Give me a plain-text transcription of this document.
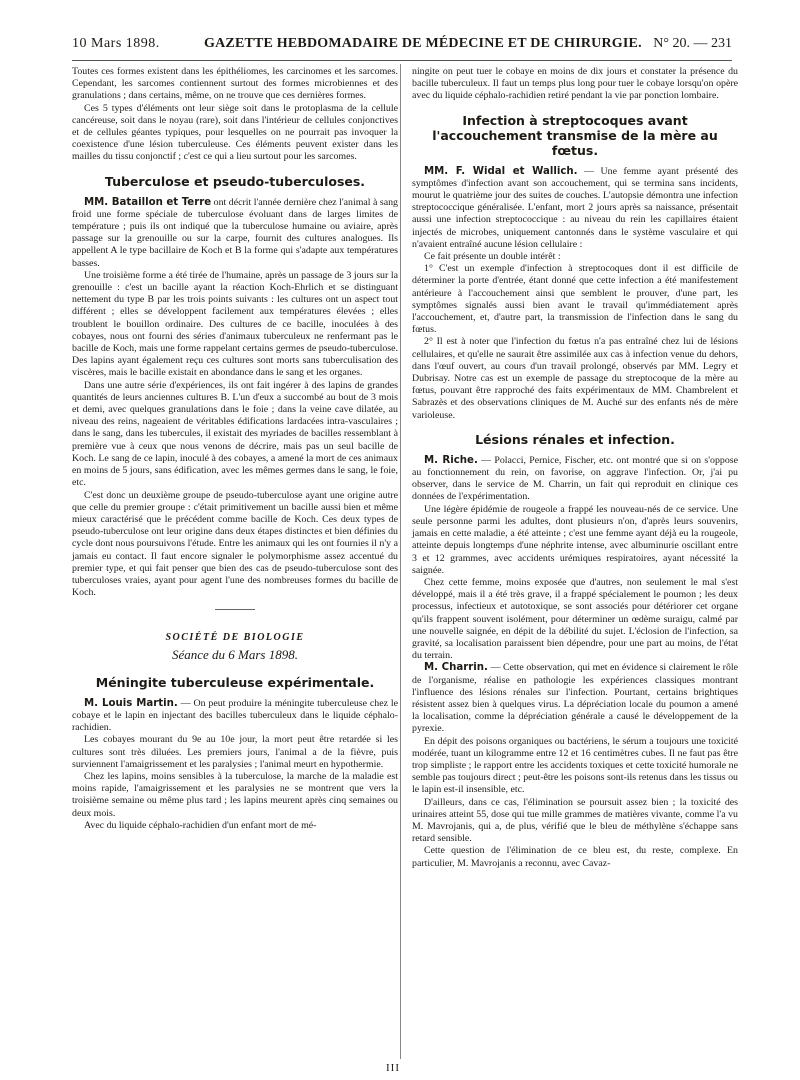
10 Mars 1898.	GAZETTE HEBDOMADAIRE DE MÉDECINE ET DE CHIRURGIE. N° 20. — 231

Toutes ces formes existent dans les épithéliomes, les carcinomes et les sarcomes. Cependant, les sarcomes contiennent surtout des formes microbiennes et des granulations ; dans certains, même, on ne trouve que ces dernières formes.

Ces 5 types d'éléments ont leur siège soit dans le protoplasma de la cellule cancéreuse, soit dans le noyau (rare), soit dans l'intérieur de cellules conjonctives et de cellules géantes typiques, pour lesquelles on ne pourrait pas invoquer la coexistence d'une lésion tuberculeuse. Ces éléments peuvent exister dans les mailles du tissu conjonctif ; c'est ce qui a lieu surtout pour les sarcomes.

Tuberculose et pseudo-tuberculoses.

MM. Bataillon et Terre ont décrit l'année dernière chez l'animal à sang froid une forme spéciale de tuberculose évoluant dans de larges limites de température ; puis ils ont indiqué que la tuberculose humaine ou aviaire, après passage sur la grenouille ou sur la carpe, fournit des cultures analogues. Ils appellent A le type bacillaire de Koch et B la forme qui s'adapte aux températures basses.

Une troisième forme a été tirée de l'humaine, après un passage de 3 jours sur la grenouille : c'est un bacille ayant la réaction Koch-Ehrlich et se distinguant nettement du type B par les trois points suivants : les cultures ont un aspect tout différent ; elles se développent facilement aux températures élevées ; elles troublent le bouillon ordinaire. Des cultures de ce bacille, inoculées à des cobayes, nous ont fourni des séries d'animaux tuberculeux ne renfermant pas le bacille de Koch, mais une forme rappelant certains germes de pseudo-tuberculose. Des lapins ayant également reçu ces cultures sont morts sans tuberculisation des viscères, mais le bacille existait en abondance dans le sang et les organes.

Dans une autre série d'expériences, ils ont fait ingérer à des lapins de grandes quantités de leurs anciennes cultures B. L'un d'eux a succombé au bout de 3 mois et demi, avec quelques granulations dans le foie ; dans la veine cave dilatée, au niveau des reins, nageaient de véritables édifications lardacées intra-vasculaires ; dans le sang, dans les tubercules, il existait des myriades de bacilles ressemblant à première vue à ceux que nous venons de décrire, mais pas un seul bacille de Koch. Le sang de ce lapin, inoculé à des cobayes, a amené la mort de ces animaux en moins de 5 jours, sans édification, avec les mêmes germes dans le sang, le foie, etc.

C'est donc un deuxième groupe de pseudo-tuberculose ayant une origine autre que celle du premier groupe : c'était primitivement un bacille aussi bien et même mieux caractérisé que le précédent comme bacille de Koch. Ces deux types de pseudo-tuberculose ont leur origine dans deux étapes distinctes et bien définies du cycle dont nous poursuivons l'étude. Entre les animaux qui les ont fournies il n'y a jamais eu contact. Il faut encore signaler le polymorphisme assez accentué du premier type, et qui fait penser que bien des cas de pseudo-tuberculose sont des tuberculoses vraies, ayant pour agent l'une des nombreuses formes du bacille de Koch.

SOCIÉTÉ DE BIOLOGIE
Séance du 6 Mars 1898.
Méningite tuberculeuse expérimentale.

M. Louis Martin. — On peut produire la méningite tuberculeuse chez le cobaye et le lapin en injectant des bacilles tuberculeux dans le liquide céphalo-rachidien.

Les cobayes mourant du 9e au 10e jour, la mort peut être retardée si les cultures sont très diluées. Les premiers jours, l'animal a de la fièvre, puis surviennent l'amaigrissement et les paralysies ; l'animal meurt en hypothermie.

Chez les lapins, moins sensibles à la tuberculose, la marche de la maladie est moins rapide, l'amaigrissement et les paralysies ne se montrent que vers la troisième semaine ou même plus tard ; les lapins meurent après cinq semaines ou deux mois.

Avec du liquide céphalo-rachidien d'un enfant mort de mé-

ningite on peut tuer le cobaye en moins de dix jours et constater la présence du bacille tuberculeux. Il faut un temps plus long pour tuer le cobaye lorsqu'on opère avec du liquide céphalo-rachidien retiré pendant la vie par ponction lombaire.

Infection à streptocoques avant l'accouchement transmise de la mère au fœtus.

MM. F. Widal et Wallich. — Une femme ayant présenté des symptômes d'infection avant son accouchement, qui se termina sans incidents, mourut le quatrième jour des suites de couches. L'autopsie démontra une infection streptococcique généralisée. L'enfant, mort 2 jours après sa naissance, présentait aussi une infection streptococcique : au niveau du rein les capillaires étaient injectés de microbes, uniquement cantonnés dans le système vasculaire et qui n'avaient entraîné aucune lésion cellulaire :

Ce fait présente un double intérêt :

1° C'est un exemple d'infection à streptocoques dont il est difficile de déterminer la porte d'entrée, étant donné que cette infection a été manifestement antérieure à l'accouchement ainsi que semblent le prouver, d'une part, les symptômes signalés aussi bien avant le travail qu'immédiatement après l'accouchement, et, d'autre part, la transmission de l'infection dans le sang du fœtus.

2° Il est à noter que l'infection du fœtus n'a pas entraîné chez lui de lésions cellulaires, et qu'elle ne saurait être assimilée aux cas à infection venue du dehors, dans l'œuf ouvert, au cours d'un travail prolongé, observés par MM. Legry et Dubrisay. Notre cas est un exemple de passage du streptocoque de la mère au fœtus, pouvant être rapproché des faits expérimentaux de MM. Chambrelent et Sabrazès et des observations cliniques de M. Auché sur des enfants nés de mère varioleuse.

Lésions rénales et infection.

M. Riche. — Polacci, Pernice, Fischer, etc. ont montré que si on s'oppose au fonctionnement du rein, on favorise, on aggrave l'infection. Or, j'ai pu observer, dans le service de M. Charrin, un fait qui reproduit en clinique ces données de l'expérimentation.

Une légère épidémie de rougeole a frappé les nouveau-nés de ce service. Une seule personne parmi les adultes, dont plusieurs n'on, d'après leurs souvenirs, jamais en cette maladie, a été atteinte ; c'est une femme ayant déjà eu la rougeole, atteinte depuis longtemps d'une néphrite intense, avec albuminurie oscillant entre 3 et 12 grammes, avec accidents urémiques respiratoires, ayant nécessité la saignée.

Chez cette femme, moins exposée que d'autres, non seulement le mal s'est développé, mais il a été très grave, il a frappé spécialement le poumon ; les deux processus, infectieux et autotoxique, se sont associés pour détériorer cet organe qu'ils frappent souvent isolément, pour déterminer un œdème suraigu, calmé par une nouvelle saignée, en dépit de la débilité du sujet. L'éclosion de l'infection, sa gravité, sa localisation paraissent bien dépendre, pour une part au moins, de l'état du terrain.

M. Charrin. — Cette observation, qui met en évidence si clairement le rôle de l'organisme, réalise en pathologie les expériences classiques montrant l'influence des lésions rénales sur l'infection. Pourtant, certains brightiques résistent assez bien à quelques virus. La dépréciation locale du poumon a amené la localisation, comme la dépréciation générale a causé le développement de la pyrexie.

En dépit des poisons organiques ou bactériens, le sérum a toujours une toxicité modérée, tuant un kilogramme entre 12 et 16 centimètres cubes. Il ne faut pas être trop simpliste ; le rapport entre les accidents toxiques et cette toxicité humorale ne semble pas toujours direct ; peut-être les poisons sont-ils retenus dans les tissus ou le lapin est-il insensible, etc.

D'ailleurs, dans ce cas, l'élimination se poursuit assez bien ; la toxicité des urinaires atteint 55, dose qui tue mille grammes de matières vivante, comme l'a vu M. Mavrojanis, qui a, de plus, vérifié que le bleu de méthylène s'échappe sans retard sensible.

Cette question de l'élimination de ce bleu est, du reste, complexe. En particulier, M. Mavrojanis a reconnu, avec Cavaz-

III
